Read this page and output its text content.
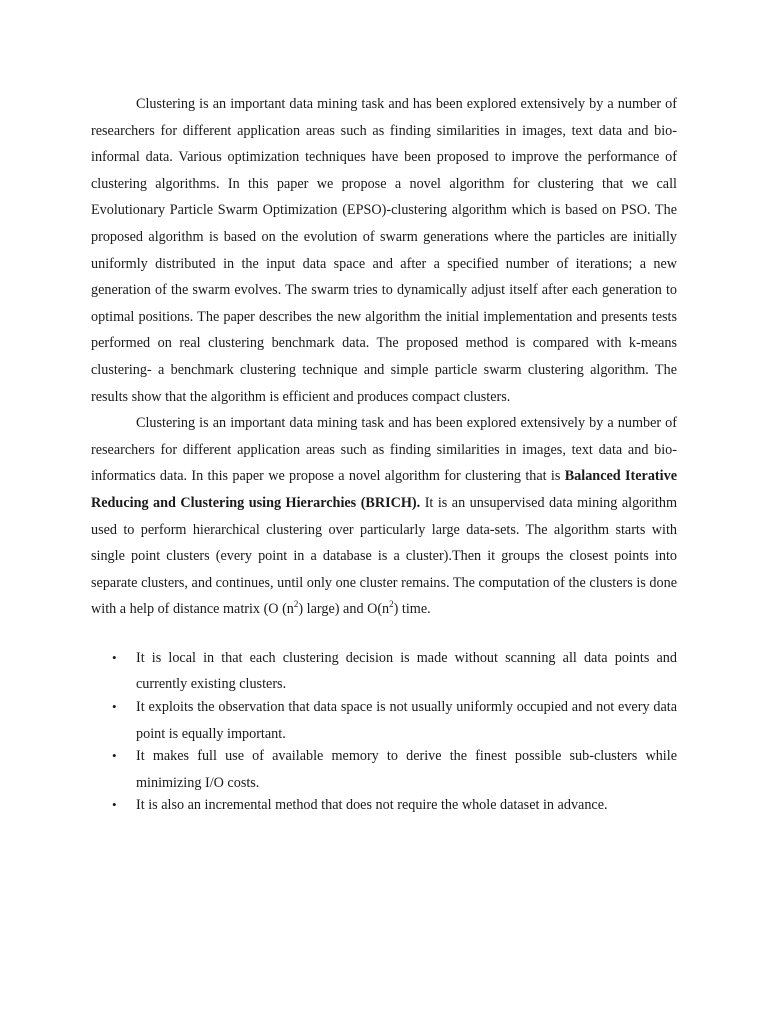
Clustering is an important data mining task and has been explored extensively by a number of researchers for different application areas such as finding similarities in images, text data and bio-informal data. Various optimization techniques have been proposed to improve the performance of clustering algorithms. In this paper we propose a novel algorithm for clustering that we call Evolutionary Particle Swarm Optimization (EPSO)-clustering algorithm which is based on PSO. The proposed algorithm is based on the evolution of swarm generations where the particles are initially uniformly distributed in the input data space and after a specified number of iterations; a new generation of the swarm evolves. The swarm tries to dynamically adjust itself after each generation to optimal positions. The paper describes the new algorithm the initial implementation and presents tests performed on real clustering benchmark data. The proposed method is compared with k-means clustering- a benchmark clustering technique and simple particle swarm clustering algorithm. The results show that the algorithm is efficient and produces compact clusters.

Clustering is an important data mining task and has been explored extensively by a number of researchers for different application areas such as finding similarities in images, text data and bio-informatics data. In this paper we propose a novel algorithm for clustering that is Balanced Iterative Reducing and Clustering using Hierarchies (BRICH). It is an unsupervised data mining algorithm used to perform hierarchical clustering over particularly large data-sets. The algorithm starts with single point clusters (every point in a database is a cluster).Then it groups the closest points into separate clusters, and continues, until only one cluster remains. The computation of the clusters is done with a help of distance matrix (O $(n^2)$ large) and $O(n^2)$ time.

• It is local in that each clustering decision is made without scanning all data points and currently existing clusters.
• It exploits the observation that data space is not usually uniformly occupied and not every data point is equally important.
• It makes full use of available memory to derive the finest possible sub-clusters while minimizing I/O costs.
• It is also an incremental method that does not require the whole dataset in advance.
